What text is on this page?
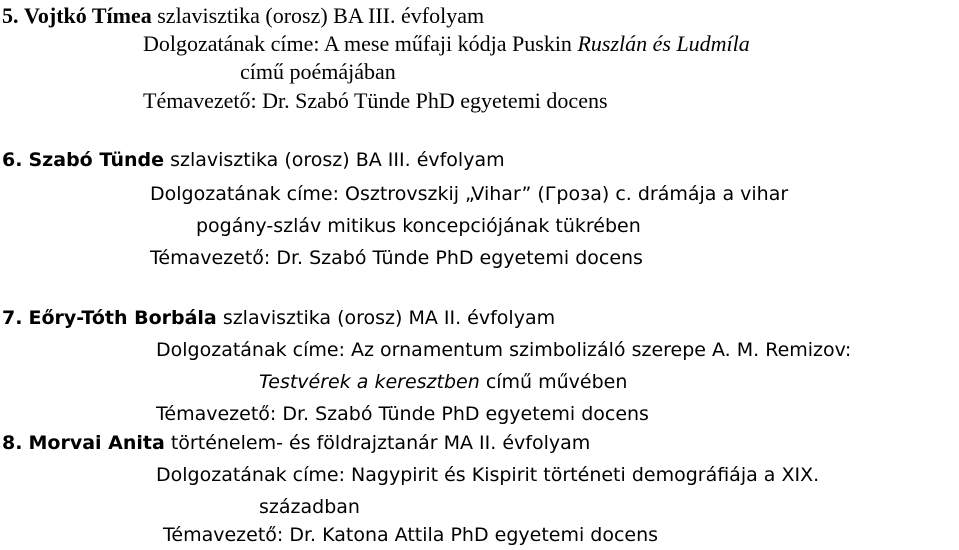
5. Vojtkó Tímea szlavisztika (orosz) BA III. évfolyam
Dolgozatának címe: A mese műfaji kódja Puskin Ruszlán és Ludmíla
című poémájában
Témavezető: Dr. Szabó Tünde PhD egyetemi docens
6. Szabó Tünde szlavisztika (orosz) BA III. évfolyam
Dolgozatának címe: Osztrovszkij „Vihar” (Гроза) c. drámája a vihar
pogány-szláv mitikus koncepciójának tükrében
Témavezető: Dr. Szabó Tünde PhD egyetemi docens
7. Eőry-Tóth Borbála szlavisztika (orosz) MA II. évfolyam
Dolgozatának címe: Az ornamentum szimbolizáló szerepe A. M. Remizov:
Testvérek a keresztben című művében
Témavezető: Dr. Szabó Tünde PhD egyetemi docens
8. Morvai Anita történelem- és földrajztanár MA II. évfolyam
Dolgozatának címe: Nagypirit és Kispirit történeti demográfiája a XIX.
században
Témavezető: Dr. Katona Attila PhD egyetemi docens
